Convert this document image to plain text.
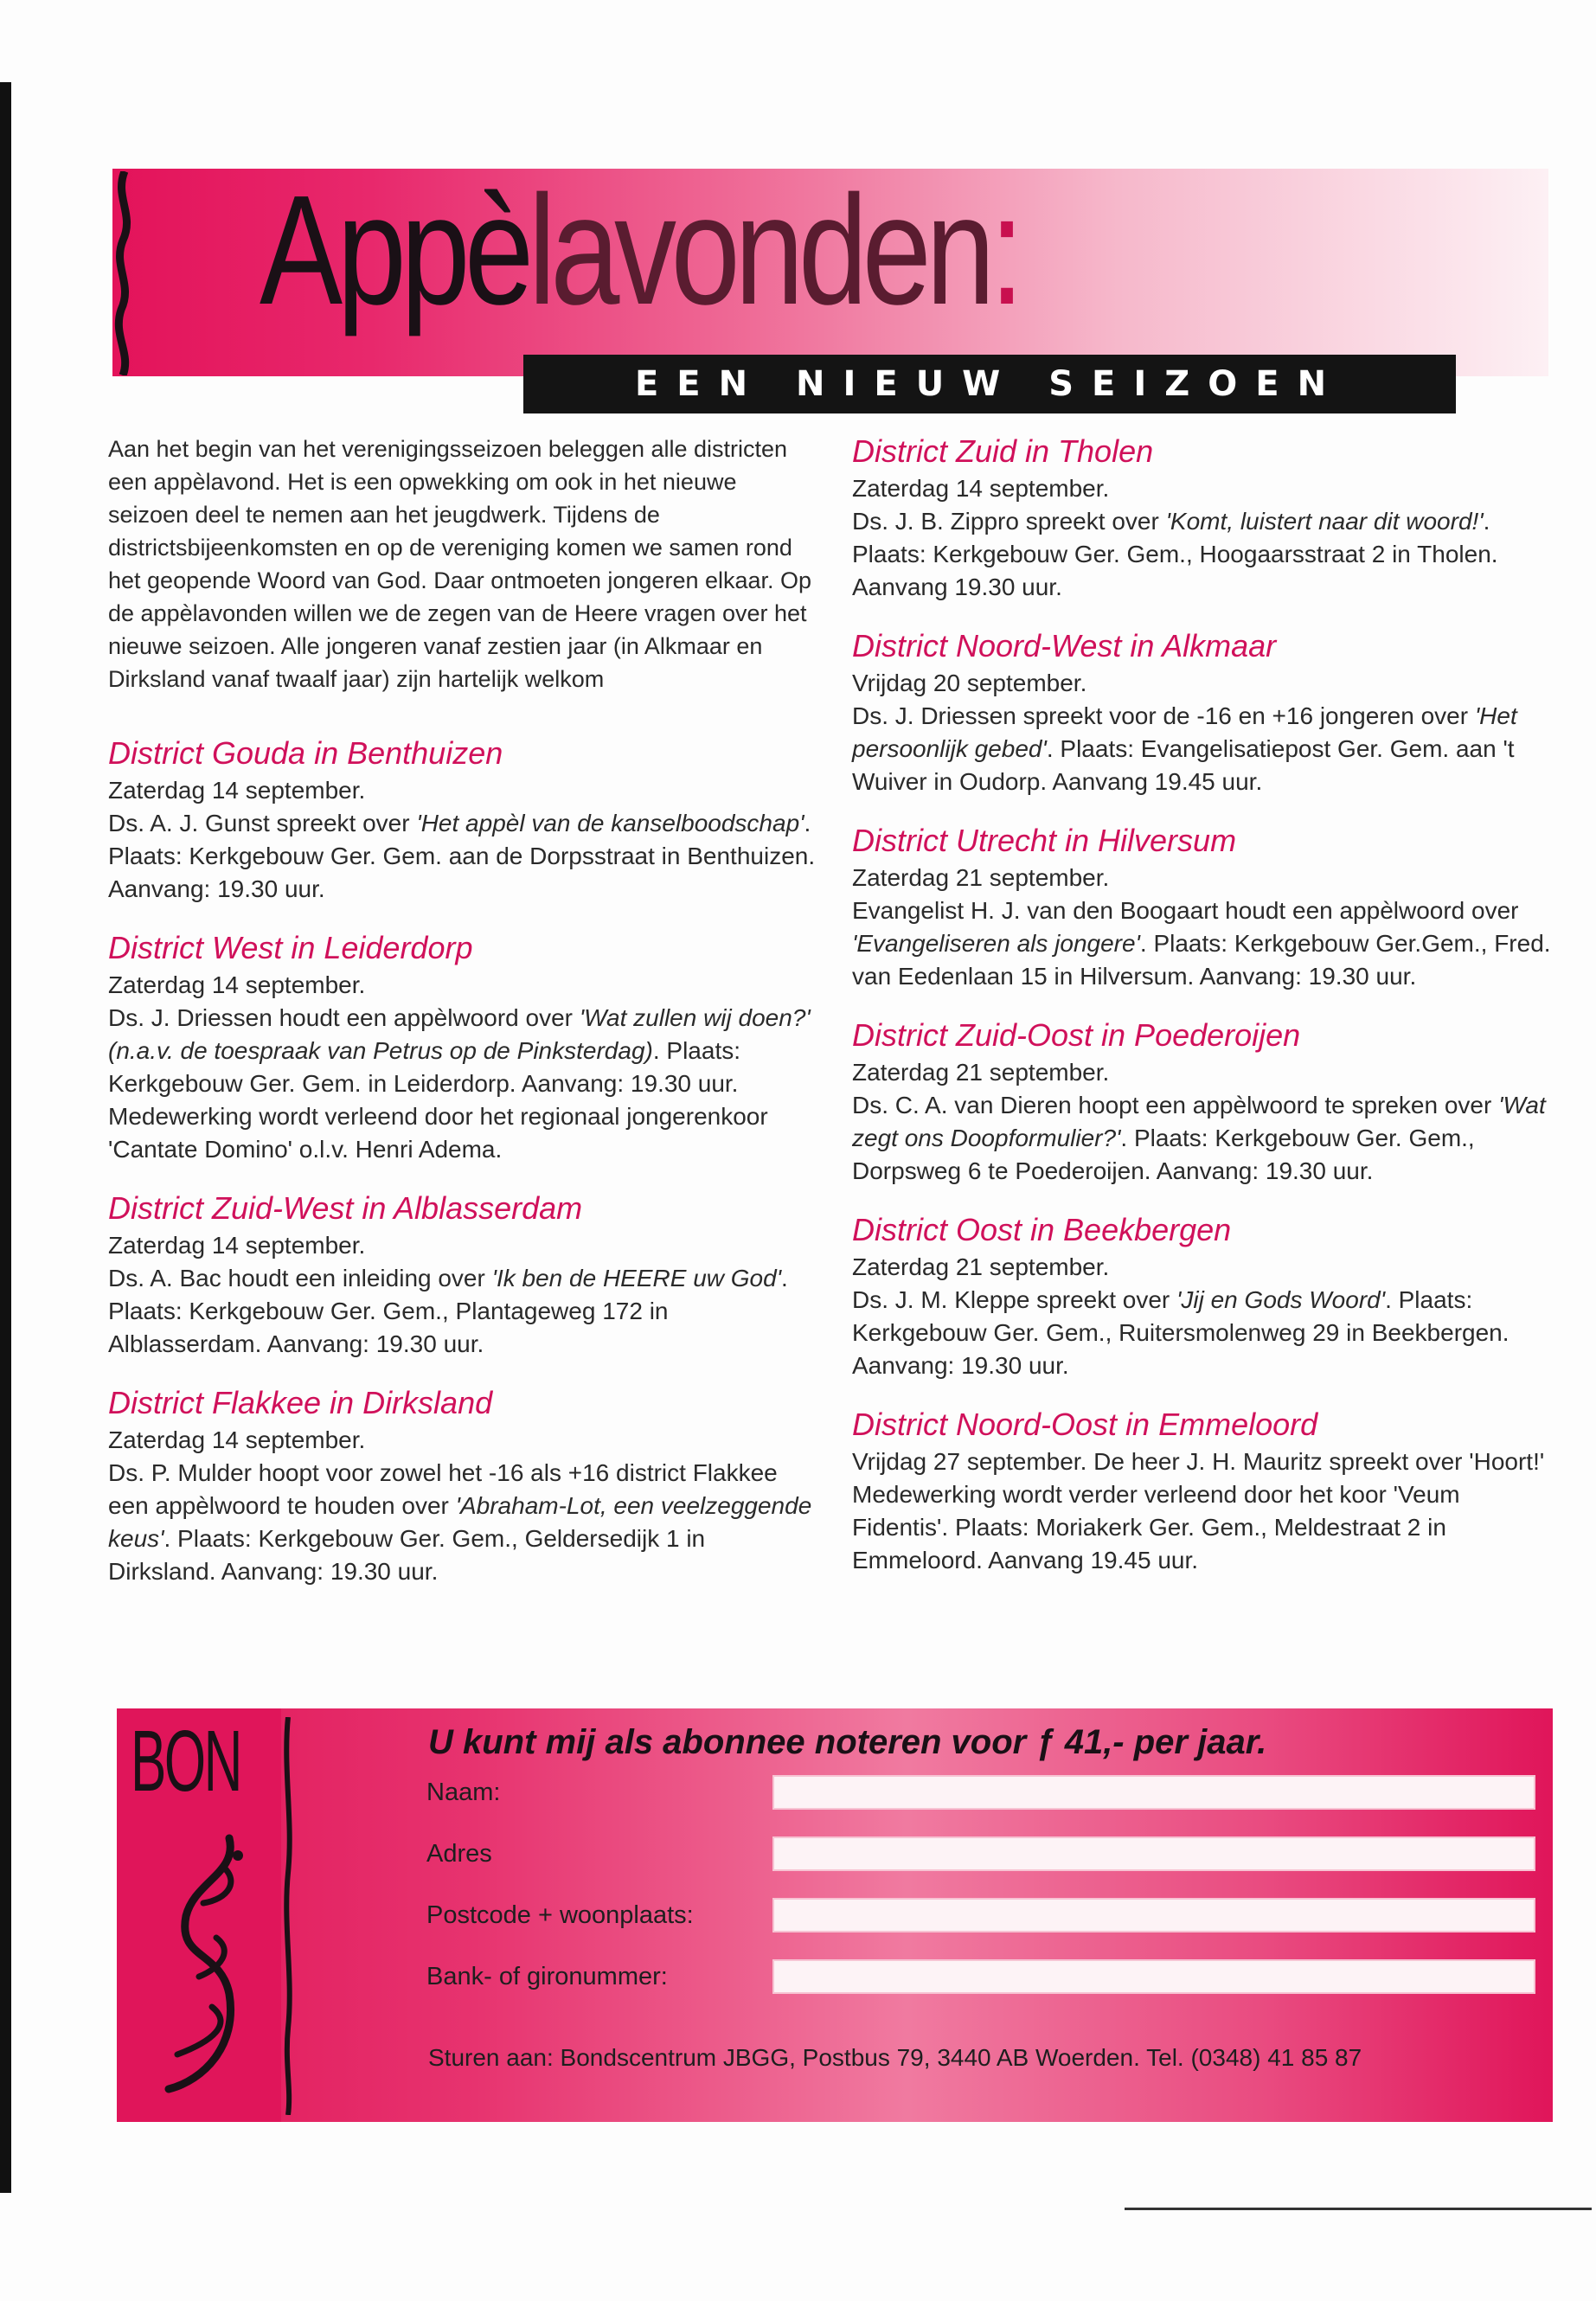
Appèlavonden:
EEN NIEUW SEIZOEN

Aan het begin van het verenigingsseizoen beleggen alle districten een appèlavond. Het is een opwekking om ook in het nieuwe seizoen deel te nemen aan het jeugdwerk. Tijdens de districtsbijeenkomsten en op de vereniging komen we samen rond het geopende Woord van God. Daar ontmoeten jongeren elkaar. Op de appèlavonden willen we de zegen van de Heere vragen over het nieuwe seizoen. Alle jongeren vanaf zestien jaar (in Alkmaar en Dirksland vanaf twaalf jaar) zijn hartelijk welkom

District Gouda in Benthuizen

Zaterdag 14 september.

Ds. A. J. Gunst spreekt over 'Het appèl van de kanselboodschap'. Plaats: Kerkgebouw Ger. Gem. aan de Dorpsstraat in Benthuizen. Aanvang: 19.30 uur.

District West in Leiderdorp

Zaterdag 14 september.

Ds. J. Driessen houdt een appèlwoord over 'Wat zullen wij doen?' (n.a.v. de toespraak van Petrus op de Pinksterdag). Plaats: Kerkgebouw Ger. Gem. in Leiderdorp. Aanvang: 19.30 uur. Medewerking wordt verleend door het regionaal jongerenkoor 'Cantate Domino' o.l.v. Henri Adema.

District Zuid-West in Alblasserdam

Zaterdag 14 september.

Ds. A. Bac houdt een inleiding over 'Ik ben de HEERE uw God'. Plaats: Kerkgebouw Ger. Gem., Plantageweg 172 in Alblasserdam. Aanvang: 19.30 uur.

District Flakkee in Dirksland

Zaterdag 14 september.

Ds. P. Mulder hoopt voor zowel het -16 als +16 district Flakkee een appèlwoord te houden over 'Abraham-Lot, een veelzeggende keus'. Plaats: Kerkgebouw Ger. Gem., Geldersedijk 1 in Dirksland. Aanvang: 19.30 uur.

District Zuid in Tholen

Zaterdag 14 september.

Ds. J. B. Zippro spreekt over 'Komt, luistert naar dit woord!'. Plaats: Kerkgebouw Ger. Gem., Hoogaarsstraat 2 in Tholen. Aanvang 19.30 uur.

District Noord-West in Alkmaar

Vrijdag 20 september.

Ds. J. Driessen spreekt voor de -16 en +16 jongeren over 'Het persoonlijk gebed'. Plaats: Evangelisatiepost Ger. Gem. aan 't Wuiver in Oudorp. Aanvang 19.45 uur.

District Utrecht in Hilversum

Zaterdag 21 september.

Evangelist H. J. van den Boogaart houdt een appèlwoord over 'Evangeliseren als jongere'. Plaats: Kerkgebouw Ger.Gem., Fred. van Eedenlaan 15 in Hilversum. Aanvang: 19.30 uur.

District Zuid-Oost in Poederoijen

Zaterdag 21 september.

Ds. C. A. van Dieren hoopt een appèlwoord te spreken over 'Wat zegt ons Doopformulier?'. Plaats: Kerkgebouw Ger. Gem., Dorpsweg 6 te Poederoijen. Aanvang: 19.30 uur.

District Oost in Beekbergen

Zaterdag 21 september.

Ds. J. M. Kleppe spreekt over 'Jij en Gods Woord'. Plaats: Kerkgebouw Ger. Gem., Ruitersmolenweg 29 in Beekbergen. Aanvang: 19.30 uur.

District Noord-Oost in Emmeloord

Vrijdag 27 september. De heer J. H. Mauritz spreekt over 'Hoort!' Medewerking wordt verder verleend door het koor 'Veum Fidentis'. Plaats: Moriakerk Ger. Gem., Meldestraat 2 in Emmeloord. Aanvang 19.45 uur.

BON	U kunt mij als abonnee noteren voor ƒ 41,- per jaar.
Naam:
Adres
Postcode + woonplaats:
Bank- of gironummer:
Sturen aan: Bondscentrum JBGG, Postbus 79, 3440 AB Woerden. Tel. (0348) 41 85 87
